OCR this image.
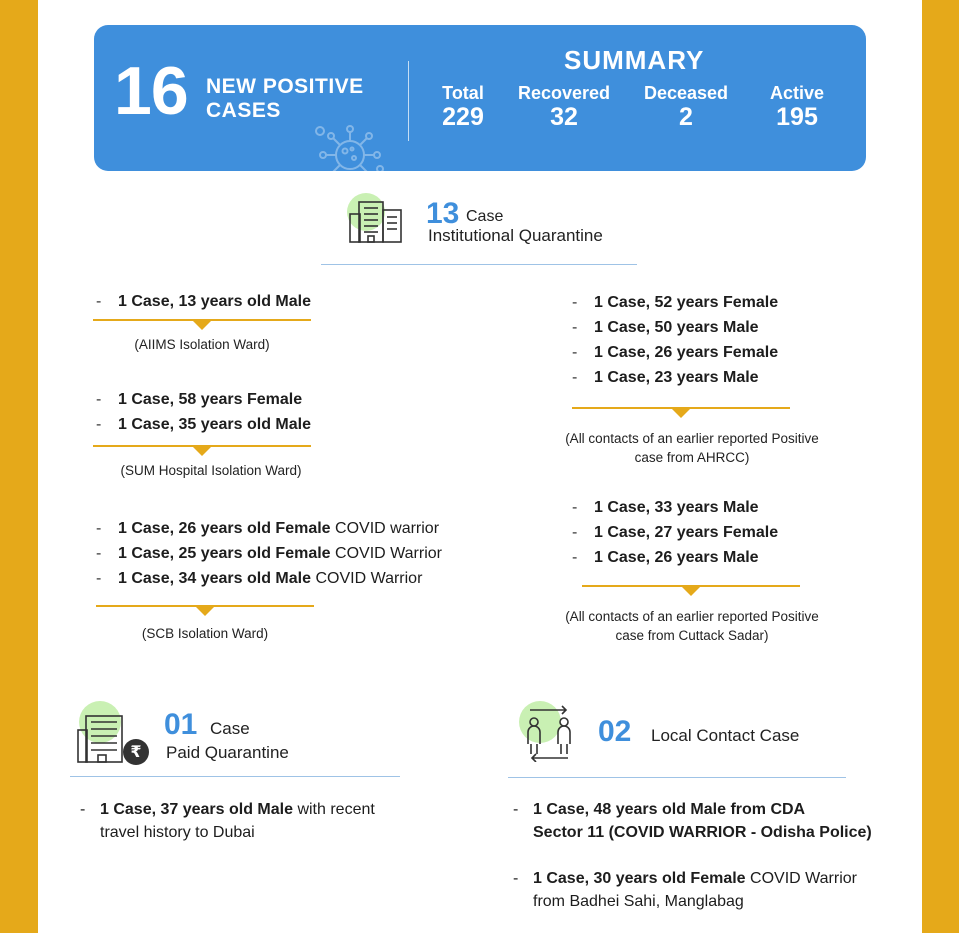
16 NEW POSITIVE CASES
SUMMARY
Total
229
Recovered
32
Deceased
2
Active
195
13 Case
Institutional Quarantine
- 1 Case, 13 years old Male
(AIIMS Isolation Ward)
- 1 Case, 58 years Female
- 1 Case, 35 years old Male
(SUM Hospital Isolation Ward)
- 1 Case, 26 years old Female COVID warrior
- 1 Case, 25 years old Female COVID Warrior
- 1 Case, 34 years old Male COVID Warrior
(SCB Isolation Ward)
- 1 Case, 52 years Female
- 1 Case, 50 years Male
- 1 Case, 26 years Female
- 1 Case, 23 years Male
(All contacts of an earlier reported Positive
case from AHRCC)
- 1 Case, 33 years Male
- 1 Case, 27 years Female
- 1 Case, 26 years Male
(All contacts of an earlier reported Positive
case from Cuttack Sadar)
₹
01 Case
Paid Quarantine
- 1 Case, 37 years old Male with recent
travel history to Dubai
02 Local Contact Case
- 1 Case, 48 years old Male from CDA
Sector 11 (COVID WARRIOR - Odisha Police)
- 1 Case, 30 years old Female COVID Warrior
from Badhei Sahi, Manglabag
